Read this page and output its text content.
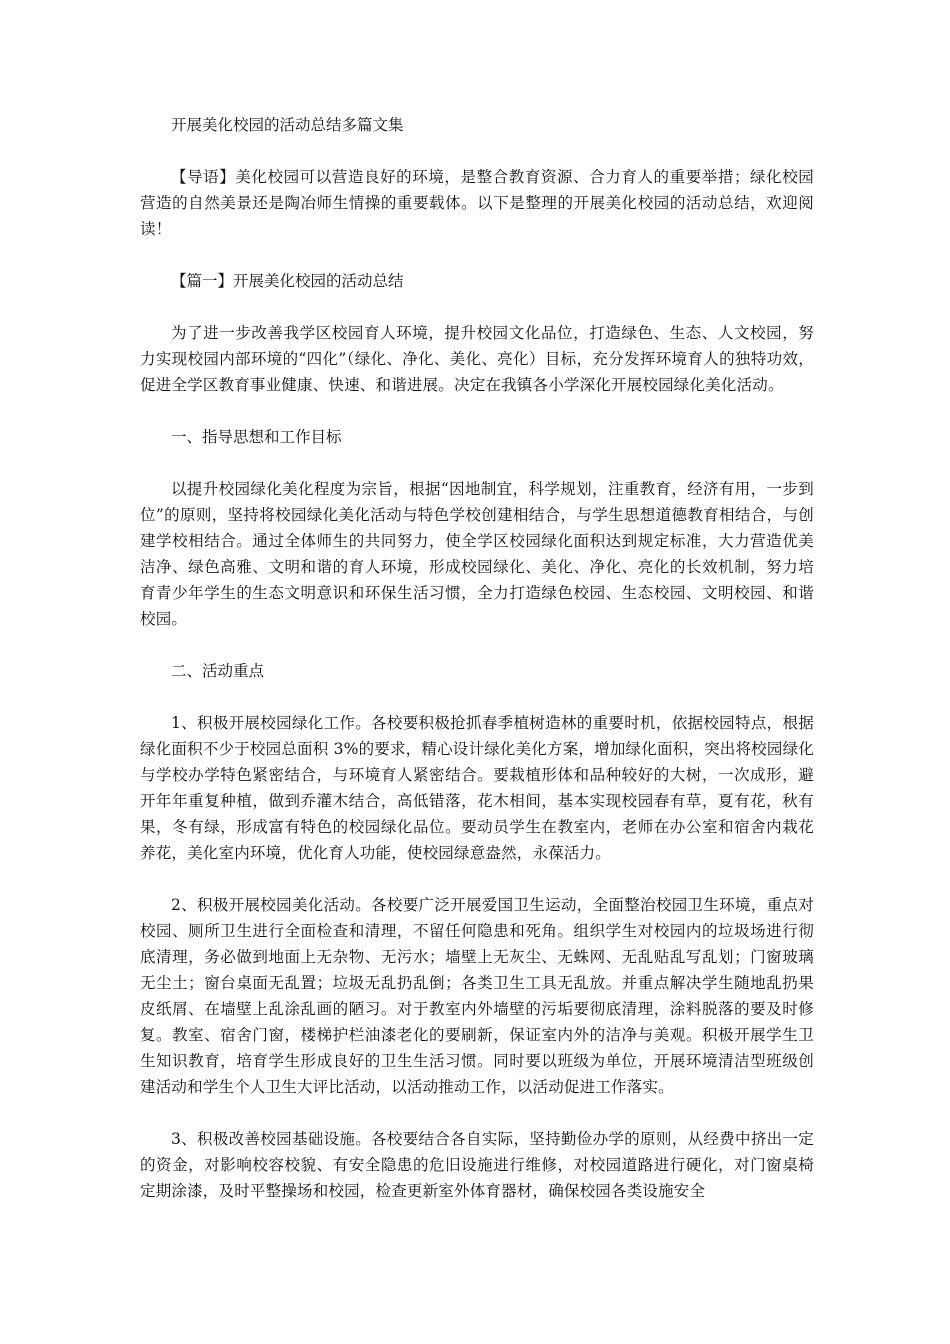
开展美化校园的活动总结多篇文集

【导语】美化校园可以营造良好的环境，是整合教育资源、合力育人的重要举措；绿化校园营造的自然美景还是陶冶师生情操的重要载体。以下是整理的开展美化校园的活动总结，欢迎阅读！

【篇一】开展美化校园的活动总结

为了进一步改善我学区校园育人环境，提升校园文化品位，打造绿色、生态、人文校园，努力实现校园内部环境的“四化”（绿化、净化、美化、亮化）目标，充分发挥环境育人的独特功效，促进全学区教育事业健康、快速、和谐进展。决定在我镇各小学深化开展校园绿化美化活动。

一、指导思想和工作目标

以提升校园绿化美化程度为宗旨，根据“因地制宜，科学规划，注重教育，经济有用，一步到位”的原则，坚持将校园绿化美化活动与特色学校创建相结合，与学生思想道德教育相结合，与创建学校相结合。通过全体师生的共同努力，使全学区校园绿化面积达到规定标准，大力营造优美洁净、绿色高雅、文明和谐的育人环境，形成校园绿化、美化、净化、亮化的长效机制，努力培育青少年学生的生态文明意识和环保生活习惯，全力打造绿色校园、生态校园、文明校园、和谐校园。

二、活动重点

1、积极开展校园绿化工作。各校要积极抢抓春季植树造林的重要时机，依据校园特点，根据绿化面积不少于校园总面积 3%的要求，精心设计绿化美化方案，增加绿化面积，突出将校园绿化与学校办学特色紧密结合，与环境育人紧密结合。要栽植形体和品种较好的大树，一次成形，避开年年重复种植，做到乔灌木结合，高低错落，花木相间，基本实现校园春有草，夏有花，秋有果，冬有绿，形成富有特色的校园绿化品位。要动员学生在教室内，老师在办公室和宿舍内栽花养花，美化室内环境，优化育人功能，使校园绿意盎然，永葆活力。

2、积极开展校园美化活动。各校要广泛开展爱国卫生运动，全面整治校园卫生环境，重点对校园、厕所卫生进行全面检查和清理，不留任何隐患和死角。组织学生对校园内的垃圾场进行彻底清理，务必做到地面上无杂物、无污水；墙壁上无灰尘、无蛛网、无乱贴乱写乱划；门窗玻璃无尘土；窗台桌面无乱置；垃圾无乱扔乱倒；各类卫生工具无乱放。并重点解决学生随地乱扔果皮纸屑、在墙壁上乱涂乱画的陋习。对于教室内外墙壁的污垢要彻底清理，涂料脱落的要及时修复。教室、宿舍门窗，楼梯护栏油漆老化的要刷新，保证室内外的洁净与美观。积极开展学生卫生知识教育，培育学生形成良好的卫生生活习惯。同时要以班级为单位，开展环境清洁型班级创建活动和学生个人卫生大评比活动，以活动推动工作，以活动促进工作落实。

3、积极改善校园基础设施。各校要结合各自实际，坚持勤俭办学的原则，从经费中挤出一定的资金，对影响校容校貌、有安全隐患的危旧设施进行维修，对校园道路进行硬化，对门窗桌椅定期涂漆，及时平整操场和校园，检查更新室外体育器材，确保校园各类设施安全
